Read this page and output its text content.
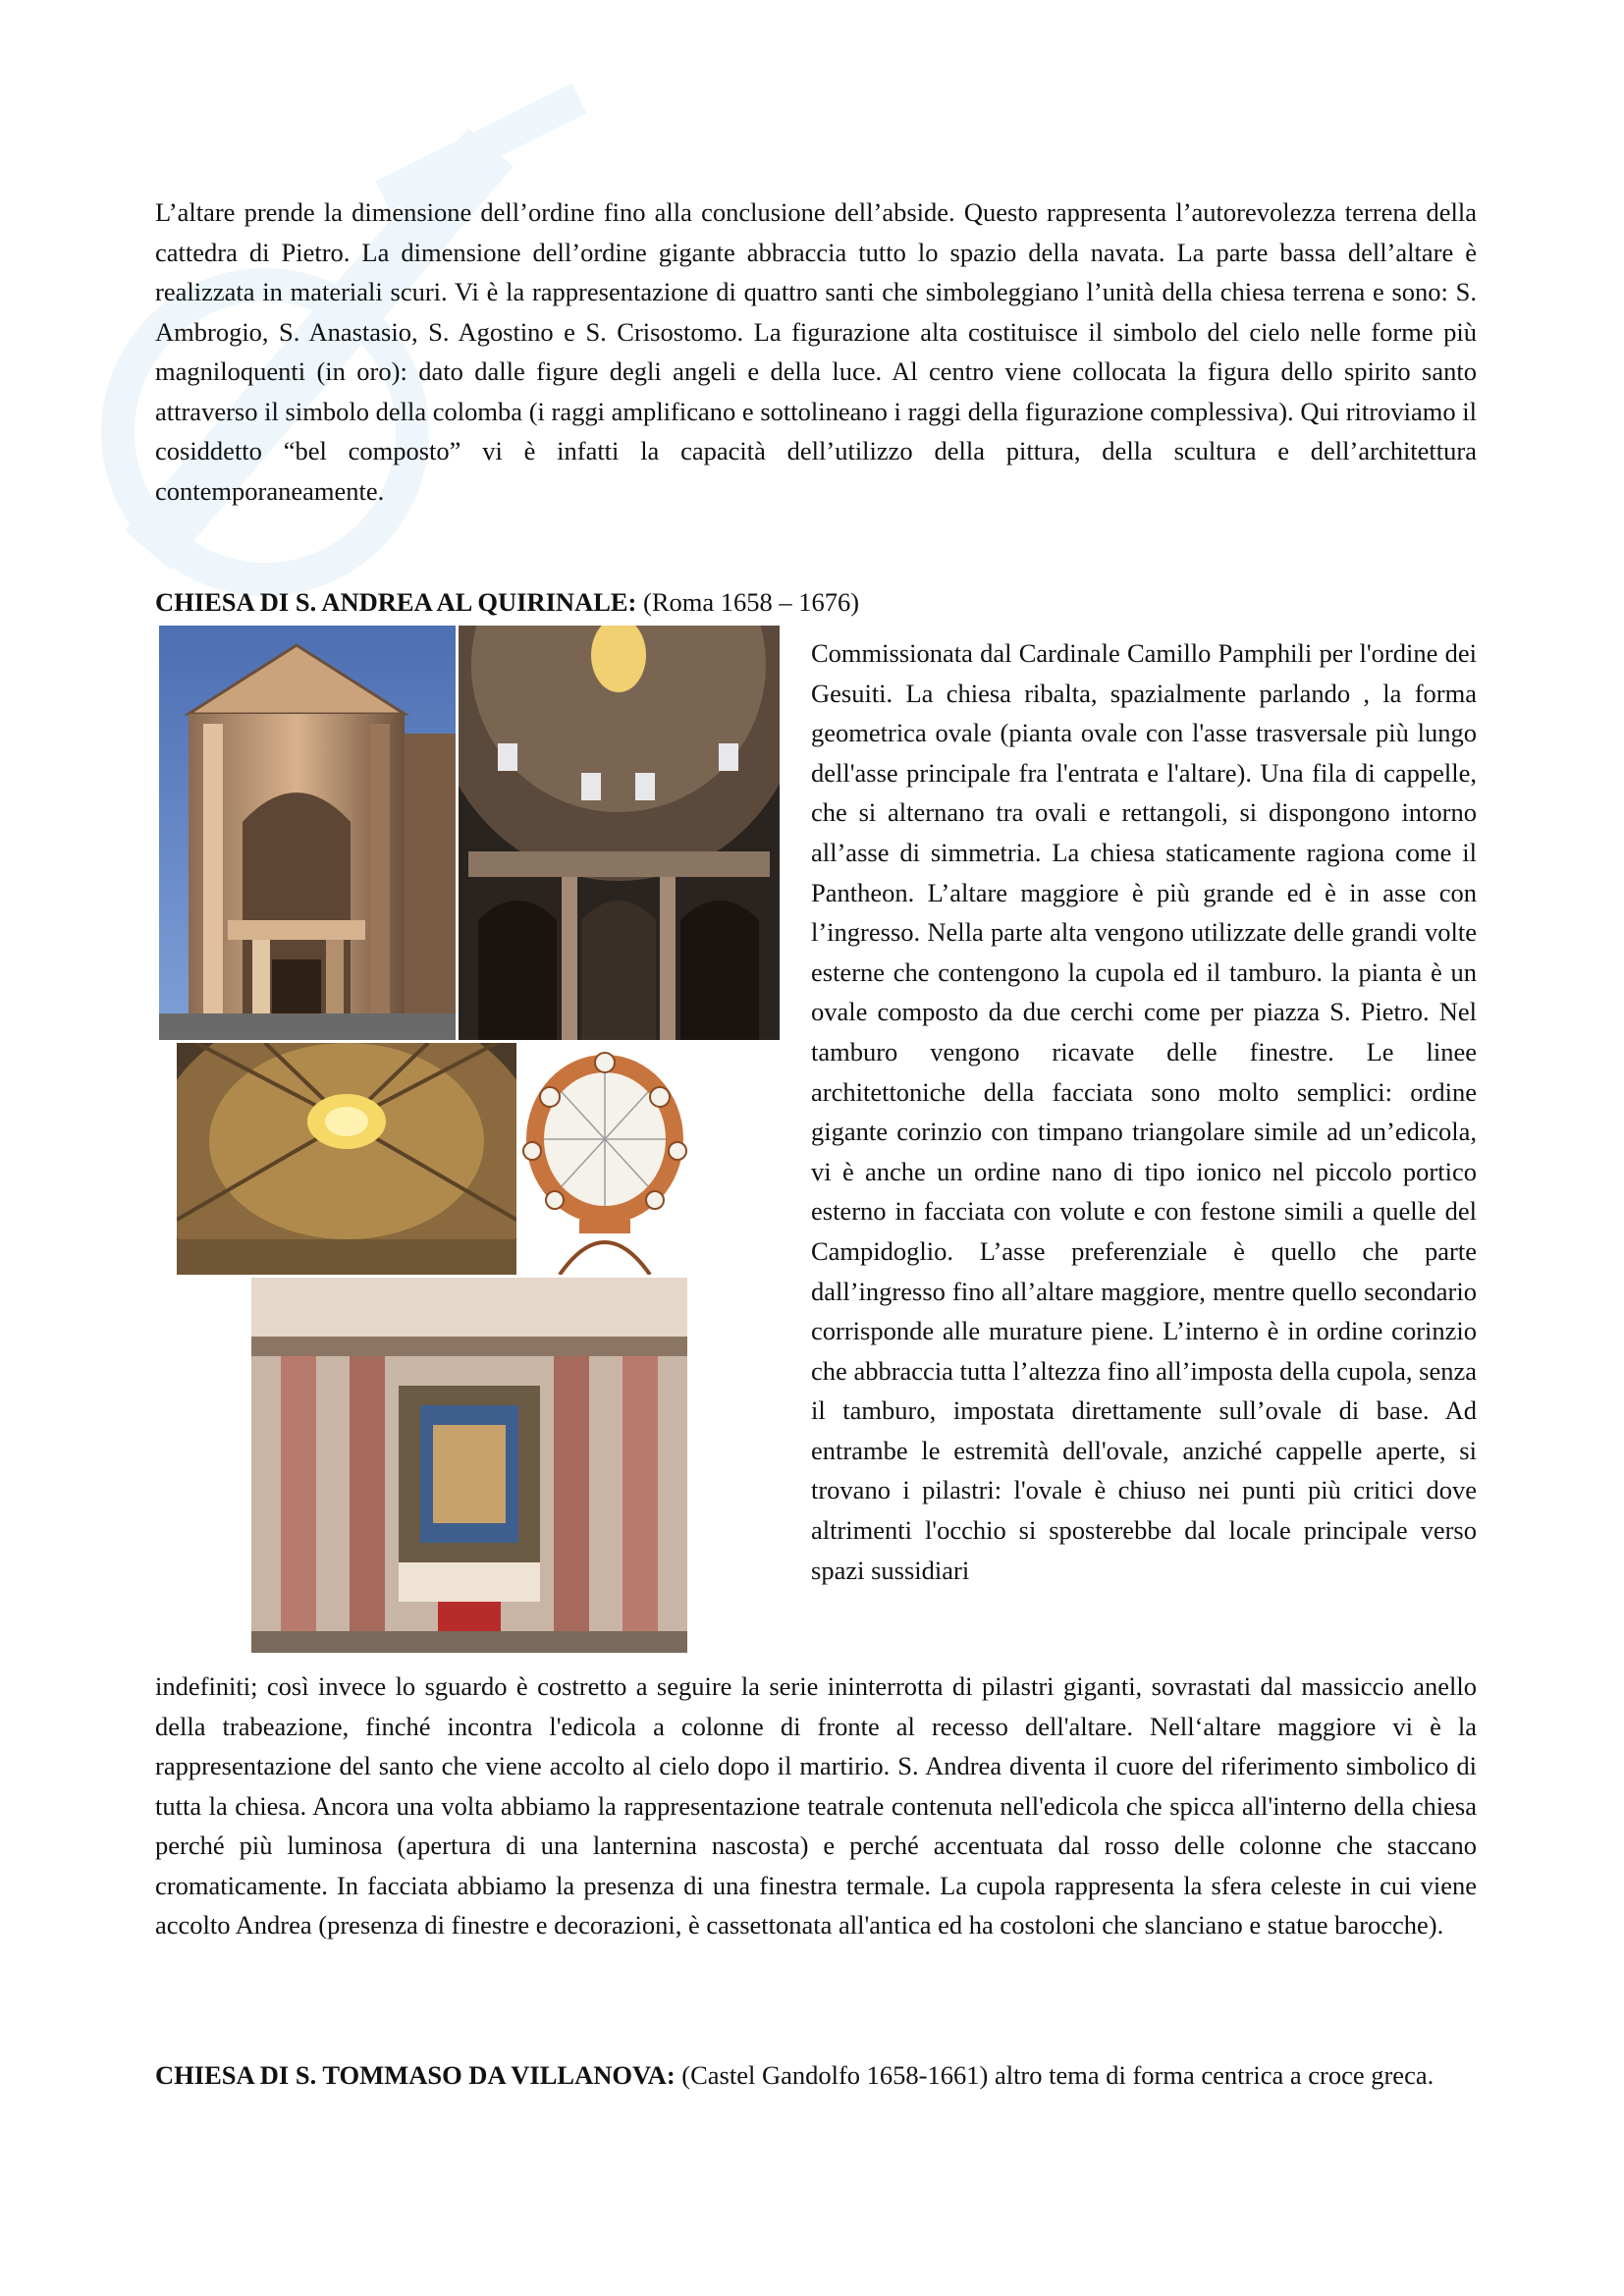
L’altare prende la dimensione dell’ordine fino alla conclusione dell’abside. Questo rappresenta l’autorevolezza terrena della cattedra di Pietro. La dimensione dell’ordine gigante abbraccia tutto lo spazio della navata. La parte bassa dell’altare è realizzata in materiali scuri. Vi è la rappresentazione di quattro santi che simboleggiano l’unità della chiesa terrena e sono: S. Ambrogio, S. Anastasio, S. Agostino e S. Crisostomo. La figurazione alta costituisce il simbolo del cielo nelle forme più magniloquenti (in oro): dato dalle figure degli angeli e della luce. Al centro viene collocata la figura dello spirito santo attraverso il simbolo della colomba (i raggi amplificano e sottolineano i raggi della figurazione complessiva). Qui ritroviamo il cosiddetto “bel composto” vi è infatti la capacità dell’utilizzo della pittura, della scultura e dell’architettura contemporaneamente.

CHIESA DI S. ANDREA AL QUIRINALE: (Roma 1658 – 1676)

Commissionata dal Cardinale Camillo Pamphili per l'ordine dei Gesuiti. La chiesa ribalta, spazialmente parlando , la forma geometrica ovale (pianta ovale con l'asse trasversale più lungo dell'asse principale fra l'entrata e l'altare). Una fila di cappelle, che si alternano tra ovali e rettangoli, si dispongono intorno all’asse di simmetria. La chiesa staticamente ragiona come il Pantheon. L’altare maggiore è più grande ed è in asse con l’ingresso. Nella parte alta vengono utilizzate delle grandi volte esterne che contengono la cupola ed il tamburo. la pianta è un ovale composto da due cerchi come per piazza S. Pietro. Nel tamburo vengono ricavate delle finestre. Le linee architettoniche della facciata sono molto semplici: ordine gigante corinzio con timpano triangolare simile ad un’edicola, vi è anche un ordine nano di tipo ionico nel piccolo portico esterno in facciata con volute e con festone simili a quelle del Campidoglio. L’asse preferenziale è quello che parte dall’ingresso fino all’altare maggiore, mentre quello secondario corrisponde alle murature piene. L’interno è in ordine corinzio che abbraccia tutta l’altezza fino all’imposta della cupola, senza il tamburo, impostata direttamente sull’ovale di base. Ad entrambe le estremità dell'ovale, anziché cappelle aperte, si trovano i pilastri: l'ovale è chiuso nei punti più critici dove altrimenti l'occhio si sposterebbe dal locale principale verso spazi sussidiari

indefiniti; così invece lo sguardo è costretto a seguire la serie ininterrotta di pilastri giganti, sovrastati dal massiccio anello della trabeazione, finché incontra l'edicola a colonne di fronte al recesso dell'altare. Nell‘altare maggiore vi è la rappresentazione del santo che viene accolto al cielo dopo il martirio. S. Andrea diventa il cuore del riferimento simbolico di tutta la chiesa. Ancora una volta abbiamo la rappresentazione teatrale contenuta nell'edicola che spicca all'interno della chiesa perché più luminosa (apertura di una lanternina nascosta) e perché accentuata dal rosso delle colonne che staccano cromaticamente. In facciata abbiamo la presenza di una finestra termale. La cupola rappresenta la sfera celeste in cui viene accolto Andrea (presenza di finestre e decorazioni, è cassettonata all'antica ed ha costoloni che slanciano e statue barocche).

CHIESA DI S. TOMMASO DA VILLANOVA: (Castel Gandolfo 1658-1661) altro tema di forma centrica a croce greca.
